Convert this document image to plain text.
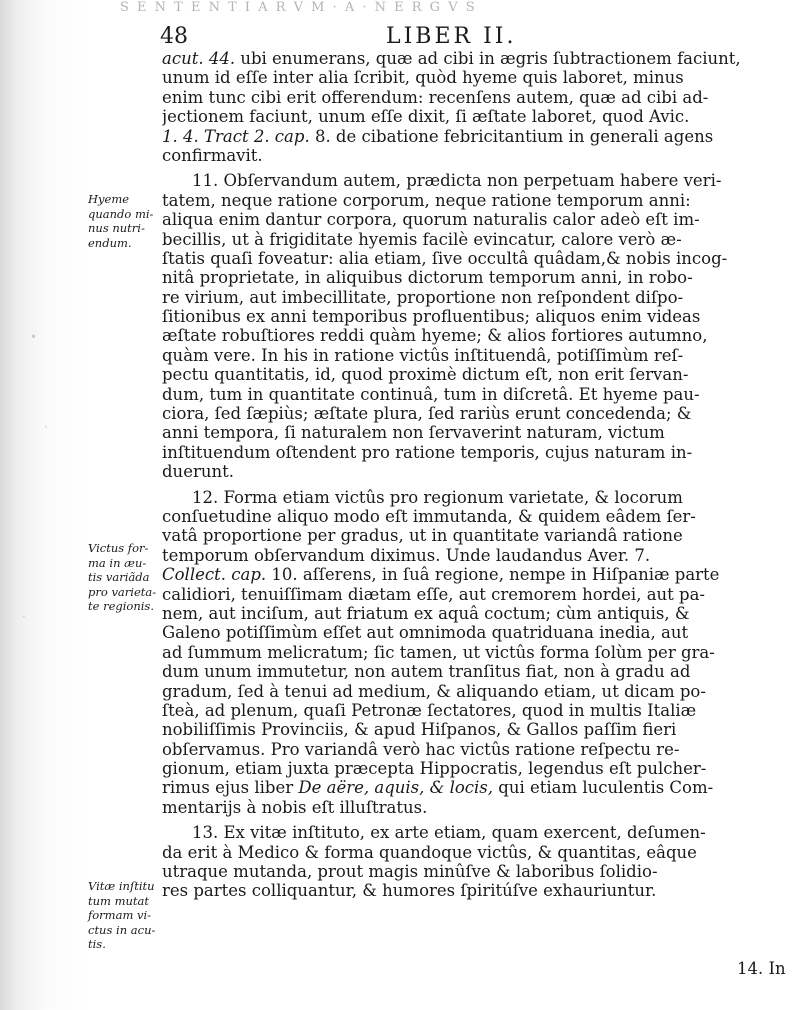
S E N T E N T I A R V M · A · N E R G V S
48	LIBER II.
acut. 44. ubi enumerans, quæ ad cibi in ægris ſubtractionem faciunt,
unum id eſſe inter alia ſcribit, quòd hyeme quis laboret, minus
enim tunc cibi erit offerendum: recenſens autem, quæ ad cibi ad-
jectionem faciunt, unum eſſe dixit, ſi æſtate laboret, quod Avic.
1. 4. Tract 2. cap. 8. de cibatione febricitantium in generali agens
confirmavit.
11. Obſervandum autem, prædicta non perpetuam habere veri-
tatem, neque ratione corporum, neque ratione temporum anni:
aliqua enim dantur corpora, quorum naturalis calor adeò eſt im-
becillis, ut à frigiditate hyemis facilè evincatur, calore verò æ-
ſtatis quaſi foveatur: alia etiam, ſive occultâ quâdam,& nobis incog-
nitâ proprietate, in aliquibus dictorum temporum anni, in robo-
re virium, aut imbecillitate, proportione non reſpondent diſpo-
ſitionibus ex anni temporibus profluentibus; aliquos enim videas
æſtate robuſtiores reddi quàm hyeme; & alios fortiores autumno,
quàm vere. In his in ratione victûs inſtituendâ, potiſſimùm reſ-
pectu quantitatis, id, quod proximè dictum eſt, non erit ſervan-
dum, tum in quantitate continuâ, tum in diſcretâ. Et hyeme pau-
ciora, ſed ſæpiùs; æſtate plura, ſed rariùs erunt concedenda; &
anni tempora, ſi naturalem non ſervaverint naturam, victum
inſtituendum oſtendent pro ratione temporis, cujus naturam in-
duerunt.
12. Forma etiam victûs pro regionum varietate, & locorum
conſuetudine aliquo modo eſt immutanda, & quidem eâdem ſer-
vatâ proportione per gradus, ut in quantitate variandâ ratione
temporum obſervandum diximus. Unde laudandus Aver. 7.
Collect. cap. 10. aſſerens, in ſuâ regione, nempe in Hiſpaniæ parte
calidiori, tenuiſſimam diætam eſſe, aut cremorem hordei, aut pa-
nem, aut inciſum, aut friatum ex aquâ coctum; cùm antiquis, &
Galeno potiſſimùm eſſet aut omnimoda quatriduana inedia, aut
ad ſummum melicratum; ſic tamen, ut victûs forma ſolùm per gra-
dum unum immutetur, non autem tranſitus fiat, non à gradu ad
gradum, ſed à tenui ad medium, & aliquando etiam, ut dicam po-
ſteà, ad plenum, quaſi Petronæ ſectatores, quod in multis Italiæ
nobiliſſimis Provinciis, & apud Hiſpanos, & Gallos paſſim fieri
obſervamus. Pro variandâ verò hac victûs ratione reſpectu re-
gionum, etiam juxta præcepta Hippocratis, legendus eſt pulcher-
rimus ejus liber De aëre, aquis, & locis, qui etiam luculentis Com-
mentarijs à nobis eſt illuſtratus.
13. Ex vitæ inſtituto, ex arte etiam, quam exercent, deſumen-
da erit à Medico & forma quandoque victûs, & quantitas, eâque
utraque mutanda, prout magis minûſve & laboribus ſolidio-
res partes colliquantur, & humores ſpiritúſve exhauriuntur.
Hyeme
quando mi-
nus nutri-
endum.
Victus for-
ma in æu-
tis variãda
pro varieta-
te regionis.
Vitæ inſtitu
tum mutat
formam vi-
ctus in acu-
tis.
•
·
·
14. In
